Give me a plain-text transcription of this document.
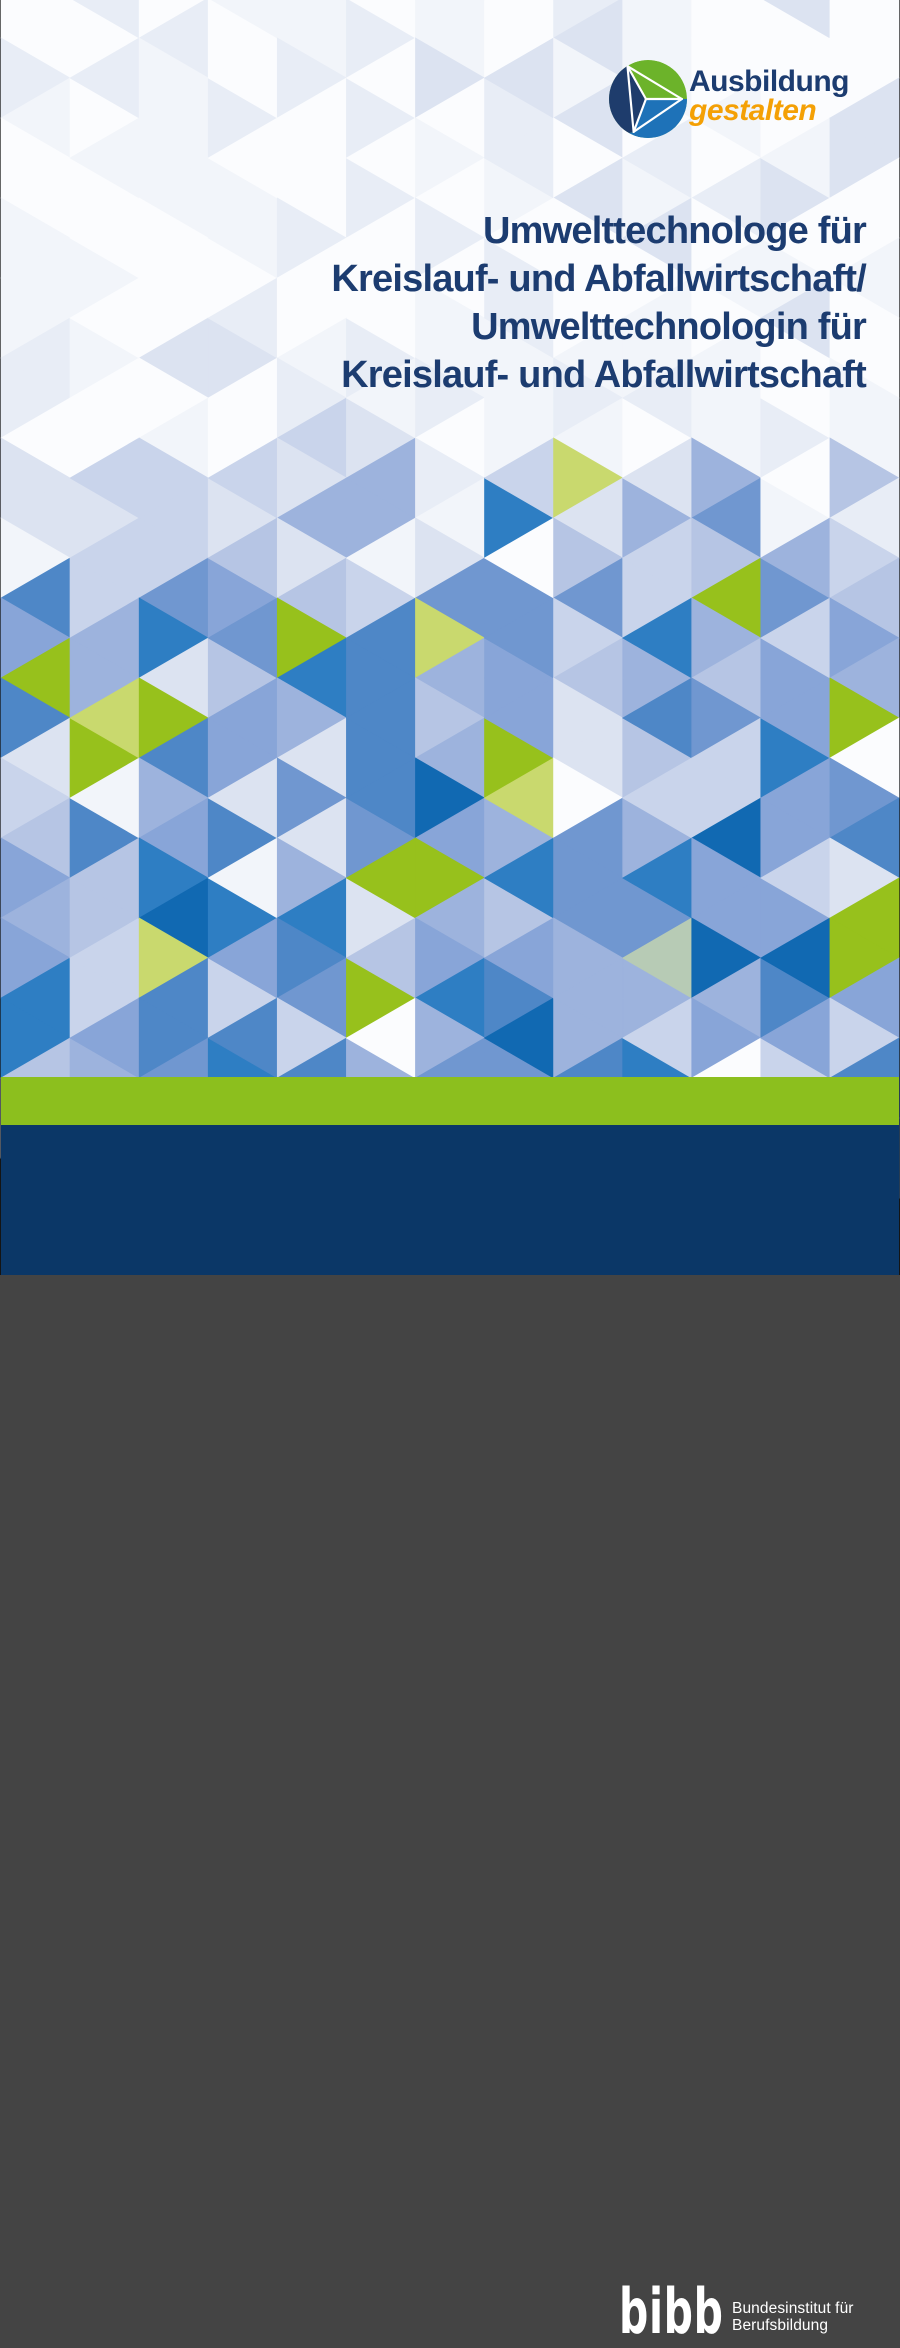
Ausbildung
gestalten
Umwelttechnologe für
Kreislauf- und Abfallwirtschaft/
Umwelttechnologin für
Kreislauf- und Abfallwirtschaft
bibb Bundesinstitut für
Berufsbildung
